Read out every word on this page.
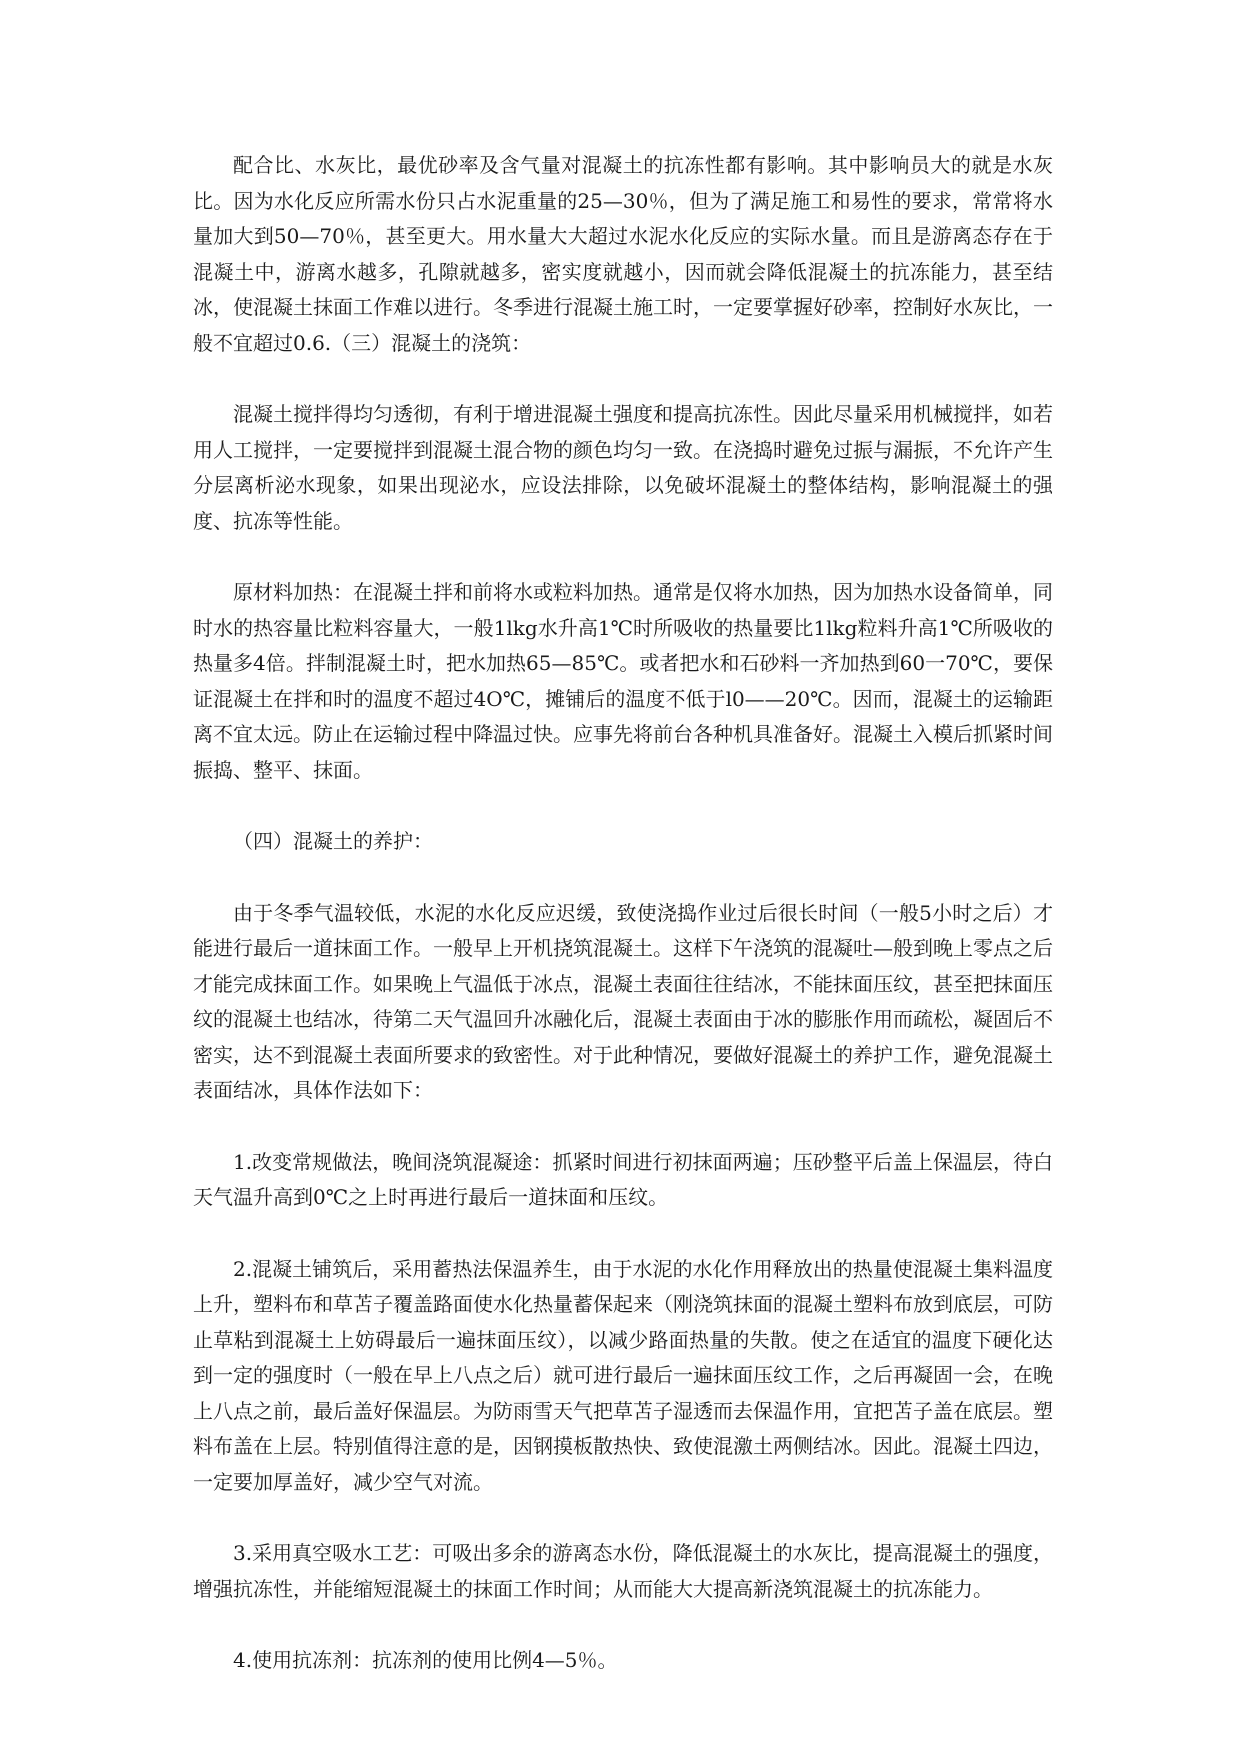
配合比、水灰比，最优砂率及含气量对混凝土的抗冻性都有影响。其中影响员大的就是水灰比。因为水化反应所需水份只占水泥重量的25—30％，但为了满足施工和易性的要求，常常将水量加大到50—70％，甚至更大。用水量大大超过水泥水化反应的实际水量。而且是游离态存在于混凝土中，游离水越多，孔隙就越多，密实度就越小，因而就会降低混凝土的抗冻能力，甚至结冰，使混凝土抹面工作难以进行。冬季进行混凝土施工时，一定要掌握好砂率，控制好水灰比，一般不宜超过0.6.（三）混凝土的浇筑：

混凝土搅拌得均匀透彻，有利于增进混凝土强度和提高抗冻性。因此尽量采用机械搅拌，如若用人工搅拌，一定要搅拌到混凝土混合物的颜色均匀一致。在浇捣时避免过振与漏振，不允许产生分层离析泌水现象，如果出现泌水，应设法排除，以免破坏混凝土的整体结构，影响混凝土的强度、抗冻等性能。

原材料加热：在混凝土拌和前将水或粒料加热。通常是仅将水加热，因为加热水设备简单，同时水的热容量比粒料容量大，一般1lkg水升高1℃时所吸收的热量要比1lkg粒料升高1℃所吸收的热量多4倍。拌制混凝土时，把水加热65—85℃。或者把水和石砂料一齐加热到60一70℃，要保证混凝土在拌和时的温度不超过4O℃，摊铺后的温度不低于l0——20℃。因而，混凝土的运输距离不宜太远。防止在运输过程中降温过快。应事先将前台各种机具准备好。混凝土入模后抓紧时间振捣、整平、抹面。

（四）混凝土的养护：

由于冬季气温较低，水泥的水化反应迟缓，致使浇捣作业过后很长时间（一般5小时之后）才能进行最后一道抹面工作。一般早上开机挠筑混凝土。这样下午浇筑的混凝吐—般到晚上零点之后才能完成抹面工作。如果晚上气温低于冰点，混凝土表面往往结冰，不能抹面压纹，甚至把抹面压纹的混凝土也结冰，待第二天气温回升冰融化后，混凝土表面由于冰的膨胀作用而疏松，凝固后不密实，达不到混凝土表面所要求的致密性。对于此种情况，要做好混凝土的养护工作，避免混凝土表面结冰，具体作法如下：

1.改变常规做法，晚间浇筑混凝途：抓紧时间进行初抹面两遍；压砂整平后盖上保温层，待白天气温升高到0℃之上时再进行最后一道抹面和压纹。

2.混凝土铺筑后，采用蓄热法保温养生，由于水泥的水化作用释放出的热量使混凝土集料温度上升，塑料布和草苫子覆盖路面使水化热量蓄保起来（刚浇筑抹面的混凝土塑料布放到底层，可防止草粘到混凝土上妨碍最后一遍抹面压纹），以减少路面热量的失散。使之在适宜的温度下硬化达到一定的强度时（一般在早上八点之后）就可进行最后一遍抹面压纹工作，之后再凝固一会，在晚上八点之前，最后盖好保温层。为防雨雪天气把草苫子湿透而去保温作用，宜把苫子盖在底层。塑料布盖在上层。特别值得注意的是，因钢摸板散热快、致使混激土两侧结冰。因此。混凝土四边，一定要加厚盖好，减少空气对流。

3.采用真空吸水工艺：可吸出多余的游离态水份，降低混凝土的水灰比，提高混凝土的强度，增强抗冻性，并能缩短混凝土的抹面工作时间；从而能大大提高新浇筑混凝土的抗冻能力。

4.使用抗冻剂：抗冻剂的使用比例4—5％。
